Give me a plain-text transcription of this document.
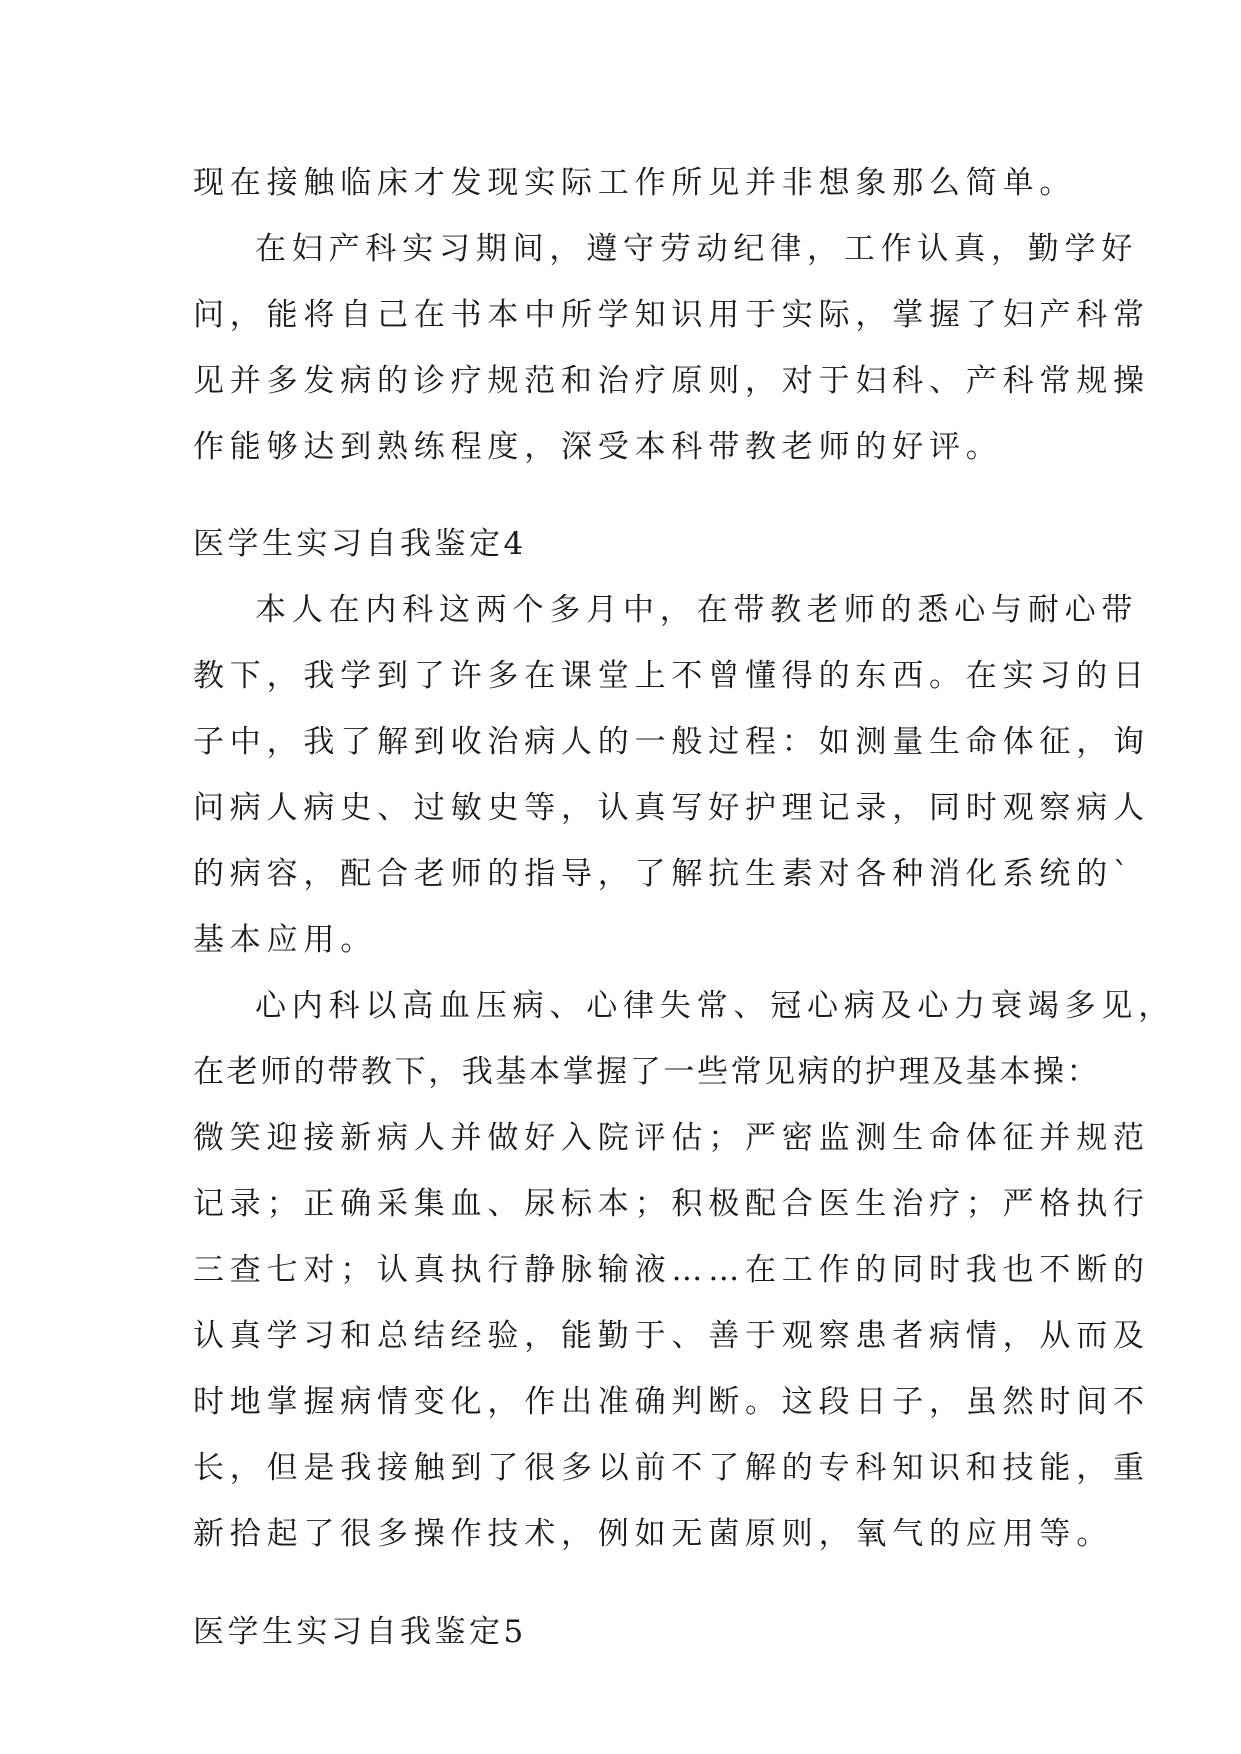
现在接触临床才发现实际工作所见并非想象那么简单。
在妇产科实习期间，遵守劳动纪律，工作认真，勤学好
问，能将自己在书本中所学知识用于实际，掌握了妇产科常
见并多发病的诊疗规范和治疗原则，对于妇科、产科常规操
作能够达到熟练程度，深受本科带教老师的好评。
医学生实习自我鉴定4
本人在内科这两个多月中，在带教老师的悉心与耐心带
教下，我学到了许多在课堂上不曾懂得的东西。在实习的日
子中，我了解到收治病人的一般过程：如测量生命体征，询
问病人病史、过敏史等，认真写好护理记录，同时观察病人
的病容，配合老师的指导，了解抗生素对各种消化系统的`
基本应用。
心内科以高血压病、心律失常、冠心病及心力衰竭多见，
在老师的带教下，我基本掌握了一些常见病的护理及基本操：
微笑迎接新病人并做好入院评估；严密监测生命体征并规范
记录；正确采集血、尿标本；积极配合医生治疗；严格执行
三查七对；认真执行静脉输液……在工作的同时我也不断的
认真学习和总结经验，能勤于、善于观察患者病情，从而及
时地掌握病情变化，作出准确判断。这段日子，虽然时间不
长，但是我接触到了很多以前不了解的专科知识和技能，重
新拾起了很多操作技术，例如无菌原则，氧气的应用等。
医学生实习自我鉴定5
